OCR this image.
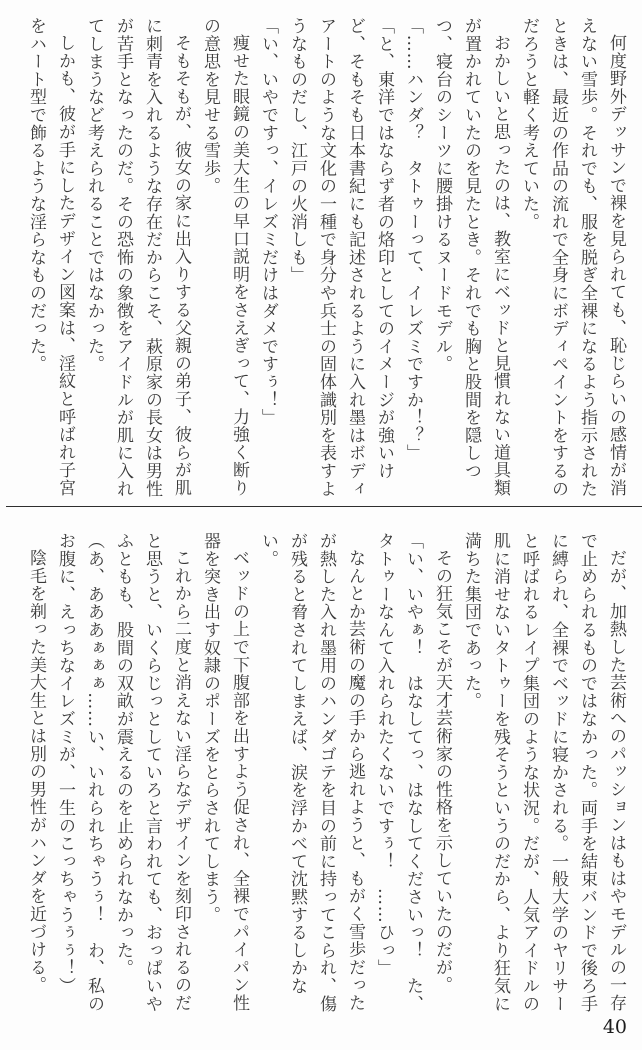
何度野外デッサンで裸を見られても、恥じらいの感情が消えない雪歩。それでも、服を脱ぎ全裸になるよう指示されたときは、最近の作品の流れで全身にボディペイントをするのだろうと軽く考えていた。

おかしいと思ったのは、教室にベッドと見慣れない道具類が置かれていたのを見たとき。それでも胸と股間を隠しつつ、寝台のシーツに腰掛けるヌードモデル。

「……ハンダ？　タトゥーって、イレズミですか！？」

「と、東洋ではならず者の烙印としてのイメージが強いけど、そもそも日本書紀にも記述されるように入れ墨はボディアートのような文化の一種で身分や兵士の固体識別を表すようなものだし、江戸の火消しも」

「い、いやですっ、イレズミだけはダメですぅ！」

痩せた眼鏡の美大生の早口説明をさえぎって、力強く断りの意思を見せる雪歩。

そもそもが、彼女の家に出入りする父親の弟子、彼らが肌に刺青を入れるような存在だからこそ、萩原家の長女は男性が苦手となったのだ。その恐怖の象徴をアイドルが肌に入れてしまうなど考えられることではなかった。

しかも、彼が手にしたデザイン図案は、淫紋と呼ばれ子宮をハート型で飾るような淫らなものだった。

だが、加熱した芸術へのパッションはもはやモデルの一存で止められるものではなかった。両手を結束バンドで後ろ手に縛られ、全裸でベッドに寝かされる。一般大学のヤリサーと呼ばれるレイプ集団のような状況。だが、人気アイドルの肌に消せないタトゥーを残そうというのだから、より狂気に満ちた集団であった。

その狂気こそが天才芸術家の性格を示していたのだが。

「い、いやぁ！　はなしてっ、はなしてくださいっ！　た、タトゥーなんて入れられたくないですぅ！　……ひっ」

なんとか芸術の魔の手から逃れようと、もがく雪歩だったが熱した入れ墨用のハンダゴテを目の前に持ってこられ、傷が残ると脅されてしまえば、涙を浮かべて沈黙するしかない。

ベッドの上で下腹部を出すよう促され、全裸でパイパン性器を突き出す奴隷のポーズをとらされてしまう。

これから二度と消えない淫らなデザインを刻印されるのだと思うと、いくらじっとしていろと言われても、おっぱいやふともも、股間の双畝が震えるのを止められなかった。

（あ、あああぁぁぁ……い、いれられちゃうぅ！　わ、私のお腹に、えっちなイレズミが、一生のこっちゃうぅぅ！）

陰毛を剃った美大生とは別の男性がハンダを近づける。

40
